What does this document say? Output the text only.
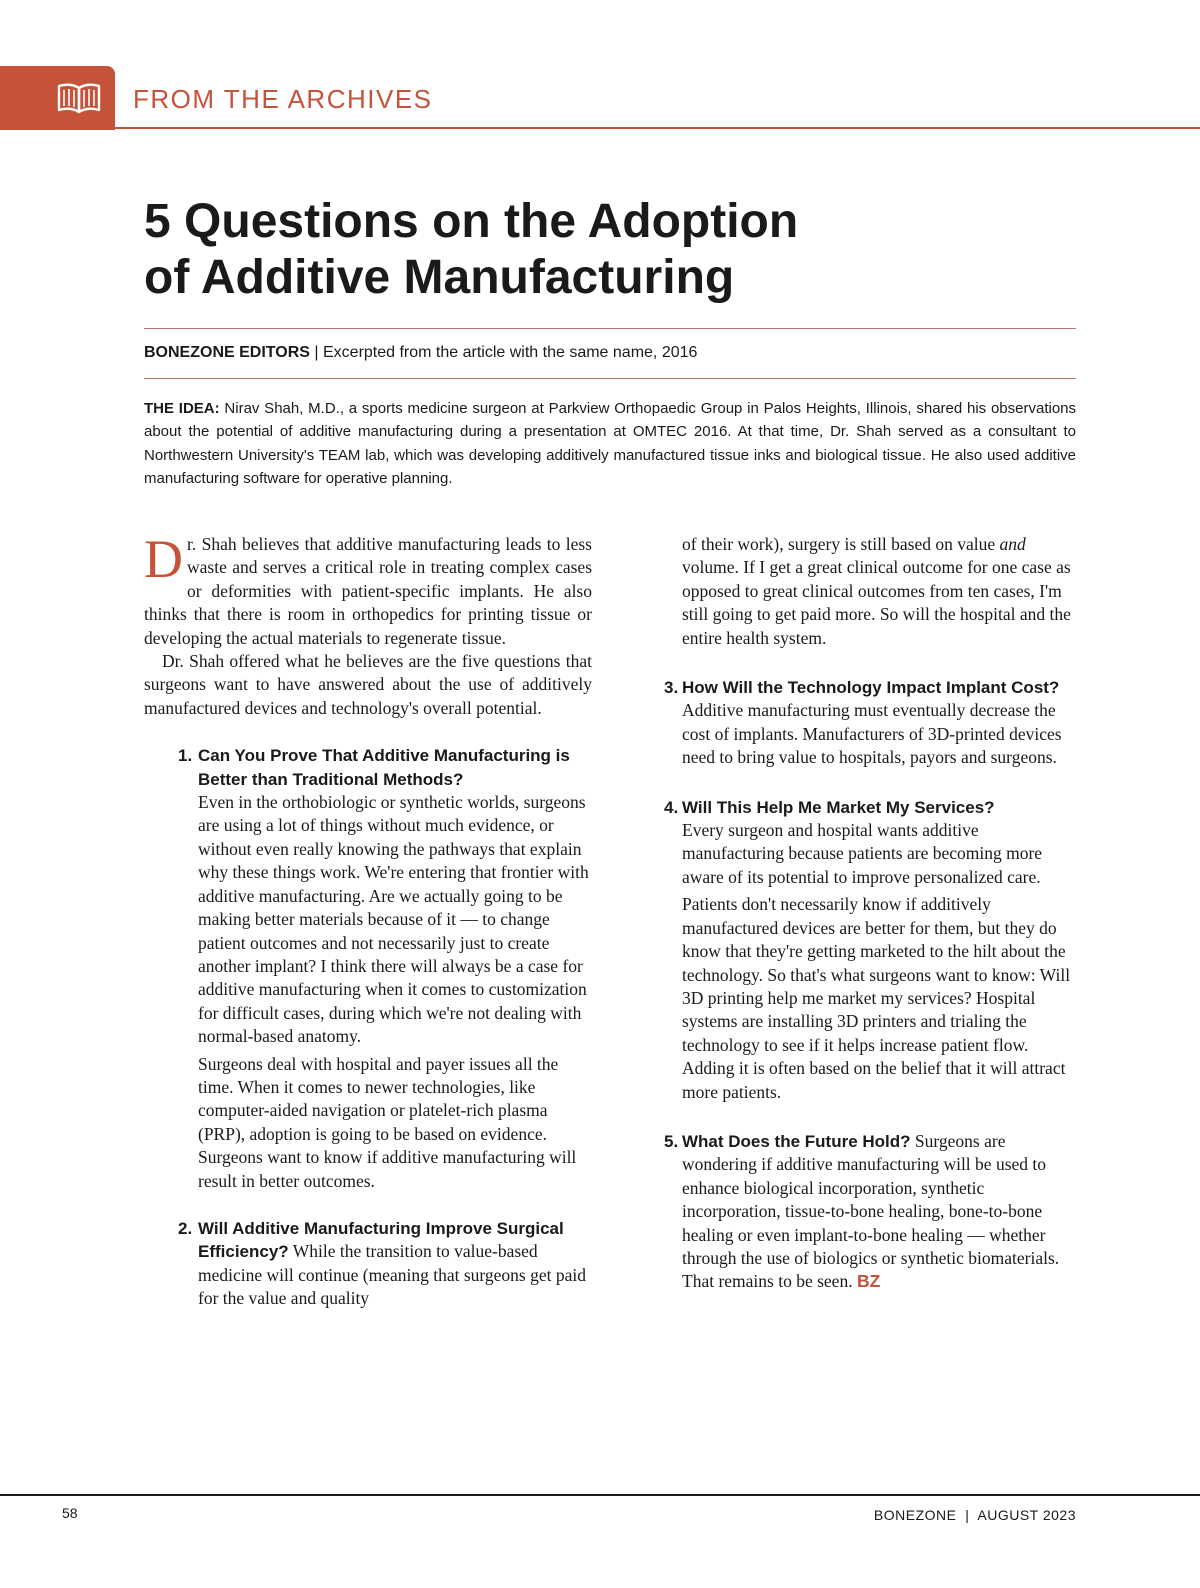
FROM THE ARCHIVES
5 Questions on the Adoption
of Additive Manufacturing
BONEZONE EDITORS | Excerpted from the article with the same name, 2016

THE IDEA: Nirav Shah, M.D., a sports medicine surgeon at Parkview Orthopaedic Group in Palos Heights, Illinois, shared his observations about the potential of additive manufacturing during a presentation at OMTEC 2016. At that time, Dr. Shah served as a consultant to Northwestern University's TEAM lab, which was developing additively manufactured tissue inks and biological tissue. He also used additive manufacturing software for operative planning.

Dr. Shah believes that additive manufacturing leads to less waste and serves a critical role in treating complex cases or deformities with patient-specific implants. He also thinks that there is room in orthopedics for printing tissue or developing the actual materials to regenerate tissue.

Dr. Shah offered what he believes are the five questions that surgeons want to have answered about the use of additively manufactured devices and technology's overall potential.

1. Can You Prove That Additive Manufacturing is Better than Traditional Methods?
Even in the orthobiologic or synthetic worlds, surgeons are using a lot of things without much evidence, or without even really knowing the pathways that explain why these things work. We're entering that frontier with additive manufacturing. Are we actually going to be making better materials because of it — to change patient outcomes and not necessarily just to create another implant? I think there will always be a case for additive manufacturing when it comes to customization for difficult cases, during which we're not dealing with normal-based anatomy.

Surgeons deal with hospital and payer issues all the time. When it comes to newer technologies, like computer-aided navigation or platelet-rich plasma (PRP), adoption is going to be based on evidence. Surgeons want to know if additive manufacturing will result in better outcomes.

2. Will Additive Manufacturing Improve Surgical Efficiency? While the transition to value-based medicine will continue (meaning that surgeons get paid for the value and quality

of their work), surgery is still based on value and volume. If I get a great clinical outcome for one case as opposed to great clinical outcomes from ten cases, I'm still going to get paid more. So will the hospital and the entire health system.

3. How Will the Technology Impact Implant Cost? Additive manufacturing must eventually decrease the cost of implants. Manufacturers of 3D-printed devices need to bring value to hospitals, payors and surgeons.

4. Will This Help Me Market My Services?
Every surgeon and hospital wants additive manufacturing because patients are becoming more aware of its potential to improve personalized care.

Patients don't necessarily know if additively manufactured devices are better for them, but they do know that they're getting marketed to the hilt about the technology. So that's what surgeons want to know: Will 3D printing help me market my services? Hospital systems are installing 3D printers and trialing the technology to see if it helps increase patient flow. Adding it is often based on the belief that it will attract more patients.

5. What Does the Future Hold? Surgeons are wondering if additive manufacturing will be used to enhance biological incorporation, synthetic incorporation, tissue-to-bone healing, bone-to-bone healing or even implant-to-bone healing — whether through the use of biologics or synthetic biomaterials. That remains to be seen. BZ

58	BONEZONE  |  AUGUST 2023
